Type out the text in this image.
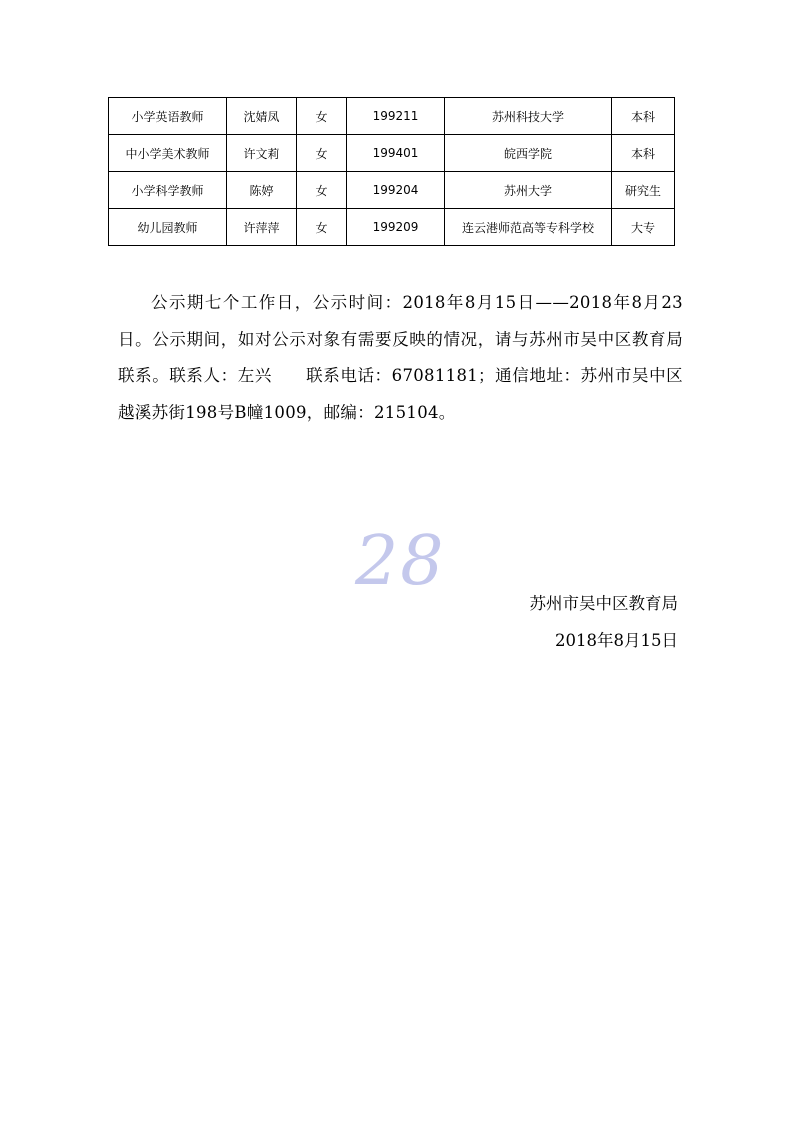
小学英语教师	沈婧凤	女	199211	苏州科技大学	本科
中小学美术教师	许文莉	女	199401	皖西学院	本科
小学科学教师	陈婷	女	199204	苏州大学	研究生
幼儿园教师	许萍萍	女	199209	连云港师范高等专科学校	大专

公示期七个工作日，公示时间：2018年8月15日——2018年8月23日。公示期间，如对公示对象有需要反映的情况，请与苏州市吴中区教育局联系。联系人：左兴　　联系电话：67081181；通信地址：苏州市吴中区越溪苏街198号B幢1009，邮编：215104。

28
苏州市吴中区教育局
2018年8月15日
